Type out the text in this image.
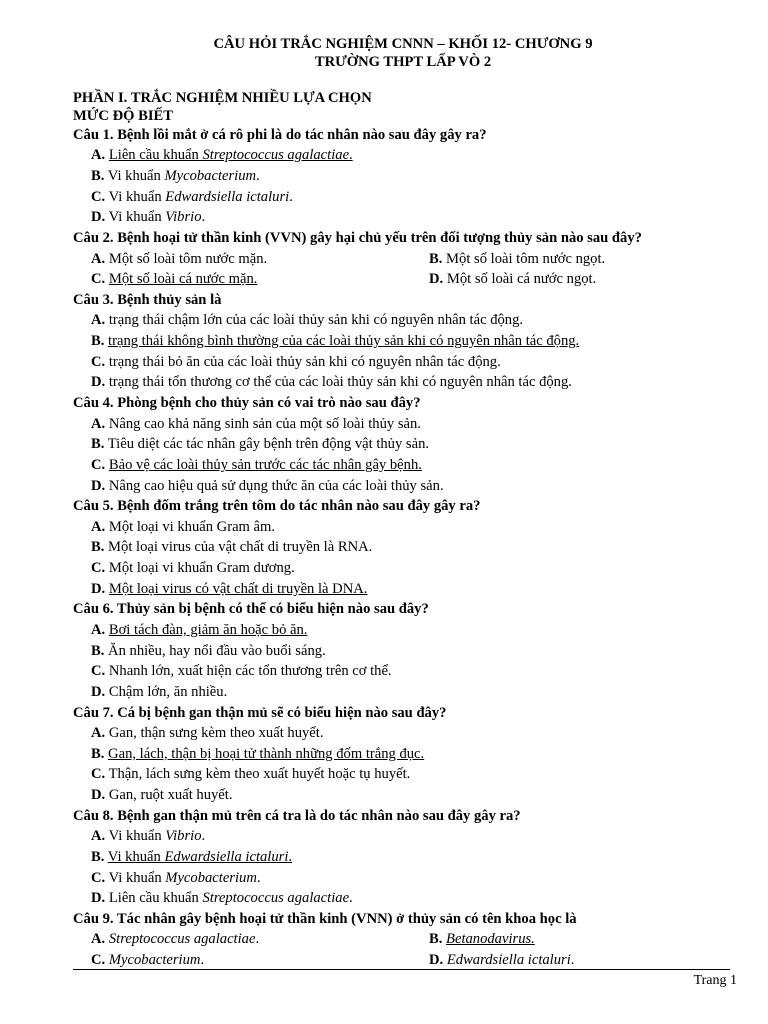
CÂU HỎI TRẮC NGHIỆM CNNN – KHỐI 12- CHƯƠNG 9
TRƯỜNG THPT LẤP VÒ 2
PHẦN I. TRẮC NGHIỆM NHIỀU LỰA CHỌN
MỨC ĐỘ BIẾT
Câu 1. Bệnh lồi mắt ở cá rô phi là do tác nhân nào sau đây gây ra?
A. Liên cầu khuẩn Streptococcus agalactiae.
B. Vi khuẩn Mycobacterium.
C. Vi khuẩn Edwardsiella ictaluri.
D. Vi khuẩn Vibrio.
Câu 2. Bệnh hoại tử thần kinh (VVN) gây hại chủ yếu trên đối tượng thủy sản nào sau đây?
A. Một số loài tôm nước mặn.	B. Một số loài tôm nước ngọt.
C. Một số loài cá nước mặn.	D. Một số loài cá nước ngọt.
Câu 3. Bệnh thủy sản là
A. trạng thái chậm lớn của các loài thủy sản khi có nguyên nhân tác động.
B. trạng thái không bình thường của các loài thủy sản khi có nguyên nhân tác động.
C. trạng thái bỏ ăn của các loài thủy sản khi có nguyên nhân tác động.
D. trạng thái tổn thương cơ thể của các loài thủy sản khi có nguyên nhân tác động.
Câu 4. Phòng bệnh cho thủy sản có vai trò nào sau đây?
A. Nâng cao khả năng sinh sản của một số loài thủy sản.
B. Tiêu diệt các tác nhân gây bệnh trên động vật thủy sản.
C. Bảo vệ các loài thủy sản trước các tác nhân gây bệnh.
D. Nâng cao hiệu quả sử dụng thức ăn của các loài thủy sản.
Câu 5. Bệnh đốm trắng trên tôm do tác nhân nào sau đây gây ra?
A. Một loại vi khuẩn Gram âm.
B. Một loại virus của vật chất di truyền là RNA.
C. Một loại vi khuẩn Gram dương.
D. Một loại virus có vật chất di truyền là DNA.
Câu 6. Thủy sản bị bệnh có thể có biểu hiện nào sau đây?
A. Bơi tách đàn, giảm ăn hoặc bỏ ăn.
B. Ăn nhiều, hay nổi đầu vào buổi sáng.
C. Nhanh lớn, xuất hiện các tổn thương trên cơ thể.
D. Chậm lớn, ăn nhiều.
Câu 7. Cá bị bệnh gan thận mủ sẽ có biểu hiện nào sau đây?
A. Gan, thận sưng kèm theo xuất huyết.
B. Gan, lách, thận bị hoại tử thành những đốm trắng đục.
C. Thận, lách sưng kèm theo xuất huyết hoặc tụ huyết.
D. Gan, ruột xuất huyết.
Câu 8. Bệnh gan thận mủ trên cá tra là do tác nhân nào sau đây gây ra?
A. Vi khuẩn Vibrio.
B. Vi khuẩn Edwardsiella ictaluri.
C. Vi khuẩn Mycobacterium.
D. Liên cầu khuẩn Streptococcus agalactiae.
Câu 9. Tác nhân gây bệnh hoại tử thần kinh (VNN) ở thủy sản có tên khoa học là
A. Streptococcus agalactiae.	B. Betanodavirus.
C. Mycobacterium.	D. Edwardsiella ictaluri.
Trang 1
